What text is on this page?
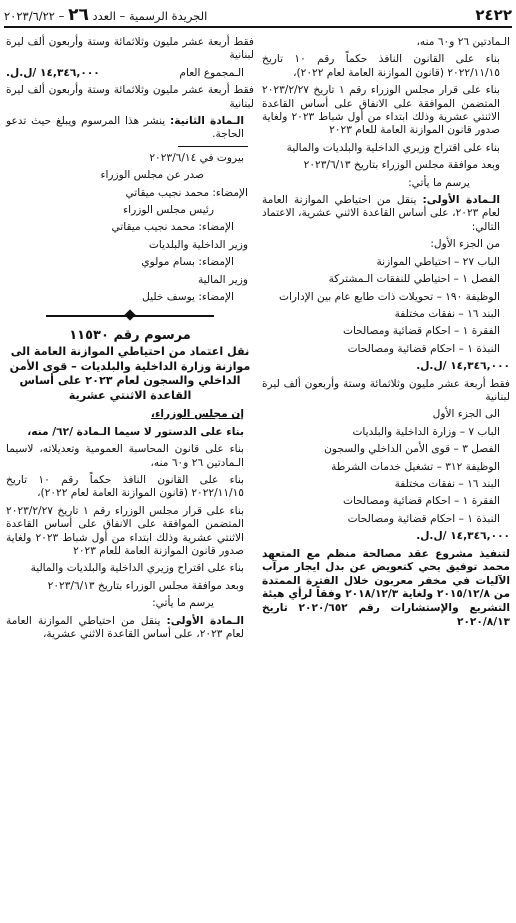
٢٤٢٢
الجريدة الرسمية – العدد ٢٦ – ٢٠٢٣/٦/٢٢

الـمادتين ٢٦ و٦٠ منه،

بناء على القانون النافذ حكماً رقم ١٠ تاريخ ٢٠٢٢/١١/١٥ (قانون الموازنة العامة لعام ٢٠٢٢)،

بناء على قرار مجلس الوزراء رقم ١ تاريخ ٢٠٢٣/٢/٢٧ المتضمن الموافقة على الانفاق على أساس القاعدة الاثنتي عشرية وذلك ابتداء من أول شباط ٢٠٢٣ ولغاية صدور قانون الموازنة العامة للعام ٢٠٢٣

بناء على اقتراح وزيري الداخلية والبلديات والمالية

وبعد موافقة مجلس الوزراء بتاريخ ٢٠٢٣/٦/١٣

يرسم ما يأتي:

الـمادة الأولى: ينقل من احتياطي الموازنة العامة لعام ٢٠٢٣، على أساس القاعدة الاثني عشرية، الاعتماد التالي:

من الجزء الأول:

الباب ٢٧ – احتياطي الموازنة

الفصل ١ – احتياطي للنفقات الـمشتركة

الوظيفة ١٩٠ – تحويلات ذات طابع عام بين الإدارات

البند ١٦ – نفقات مختلفة

الفقرة ١ – احكام قضائية ومصالحات

النبذة ١ – احكام قضائية ومصالحات

١٤,٣٤٦,٠٠٠ /ل.ل.

فقط أربعة عشر مليون وثلاثمائة وستة وأربعون ألف ليرة لبنانية

الى الجزء الأول

الباب ٧ – وزارة الداخلية والبلديات

الفصل ٣ – قوى الأمن الداخلي والسجون

الوظيفة ٣١٢ – تشغيل خدمات الشرطة

البند ١٦ – نفقات مختلفة

الفقرة ١ – احكام قضائية ومصالحات

النبذة ١ – احكام قضائية ومصالحات

١٤,٣٤٦,٠٠٠ /ل.ل.

لتنفيذ مشروع عقد مصالحة منظم مع المتعهد محمد توفيق يحي كتعويض عن بدل ايجار مرآب الآليات في مخفر معربون خلال الفترة الممتدة من ٢٠١٥/١٢/٨ ولغاية ٢٠١٨/١٢/٣ وفقاً لرأي هيئة التشريع والإستشارات رقم ٢٠٢٠/٦٥٢ تاريخ ٢٠٢٠/٨/١٣

فقط أربعة عشر مليون وثلاثمائة وستة وأربعون ألف ليرة لبنانية

الـمجموع العام
١٤,٣٤٦,٠٠٠ /ل.ل.

فقط أربعة عشر مليون وثلاثمائة وستة وأربعون ألف ليرة لبنانية

الـمادة الثانية: ينشر هذا المرسوم ويبلغ حيث تدعو الحاجة.

بيروت في ٢٠٢٣/٦/١٤

صدر عن مجلس الوزراء

الإمضاء: محمد نجيب ميقاتي

رئيس مجلس الوزراء

الإمضاء: محمد نجيب ميقاتي

وزير الداخلية والبلديات

الإمضاء: بسام مولوي

وزير المالية

الإمضاء: يوسف خليل

مرسوم رقم ١١٥٣٠
نقل اعتماد من احتياطي الموازنة العامة الى موازنة وزارة الداخلية والبلديات – قوى الأمن الداخلي والسجون لعام ٢٠٢٣ على أساس القاعدة الاثنتي عشرية

إن مجلس الوزراء،

بناء على الدستور لا سيما الـمادة /٦٢/ منه،

بناء على قانون المحاسبة العمومية وتعديلاته، لاسيما الـمادتين ٢٦ و٦٠ منه،

بناء على القانون النافذ حكماً رقم ١٠ تاريخ ٢٠٢٢/١١/١٥ (قانون الموازنة العامة لعام ٢٠٢٢)،

بناء على قرار مجلس الوزراء رقم ١ تاريخ ٢٠٢٣/٢/٢٧ المتضمن الموافقة على الانفاق على أساس القاعدة الاثنتي عشرية وذلك ابتداء من أول شباط ٢٠٢٣ ولغاية صدور قانون الموازنة العامة للعام ٢٠٢٣

بناء على اقتراح وزيري الداخلية والبلديات والمالية

وبعد موافقة مجلس الوزراء بتاريخ ٢٠٢٣/٦/١٣

يرسم ما يأتي:

الـمادة الأولى: ينقل من احتياطي الموازنة العامة لعام ٢٠٢٣، على أساس القاعدة الاثني عشرية،
